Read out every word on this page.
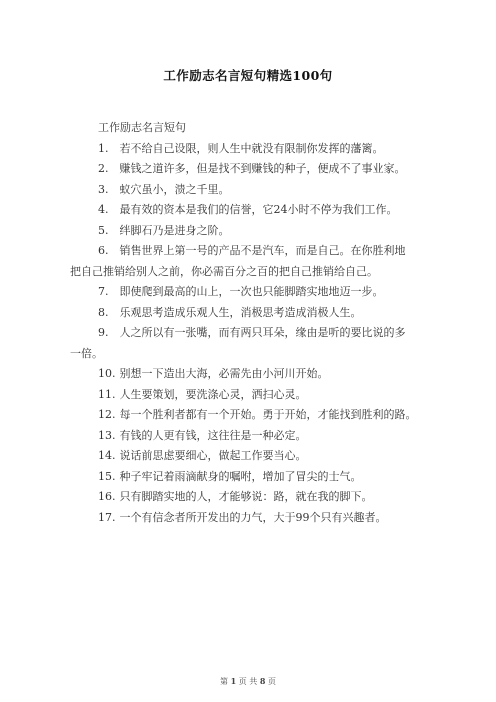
工作励志名言短句精选100句

工作励志名言短句

1. 若不给自己设限，则人生中就没有限制你发挥的藩篱。

2. 赚钱之道许多，但是找不到赚钱的种子，便成不了事业家。

3. 蚁穴虽小，溃之千里。

4. 最有效的资本是我们的信誉，它24小时不停为我们工作。

5. 绊脚石乃是进身之阶。

6. 销售世界上第一号的产品不是汽车，而是自己。在你胜利地

把自己推销给别人之前，你必需百分之百的把自己推销给自己。

7. 即使爬到最高的山上，一次也只能脚踏实地地迈一步。

8. 乐观思考造成乐观人生，消极思考造成消极人生。

9. 人之所以有一张嘴，而有两只耳朵，缘由是听的要比说的多

一倍。

10. 别想一下造出大海，必需先由小河川开始。

11. 人生要策划，要洗涤心灵，洒扫心灵。

12. 每一个胜利者都有一个开始。勇于开始，才能找到胜利的路。

13. 有钱的人更有钱，这往往是一种必定。

14. 说话前思虑要细心，做起工作要当心。

15. 种子牢记着雨滴献身的嘱咐，增加了冒尖的士气。

16. 只有脚踏实地的人，才能够说：路，就在我的脚下。

17. 一个有信念者所开发出的力气，大于99个只有兴趣者。

第 1 页 共 8 页
